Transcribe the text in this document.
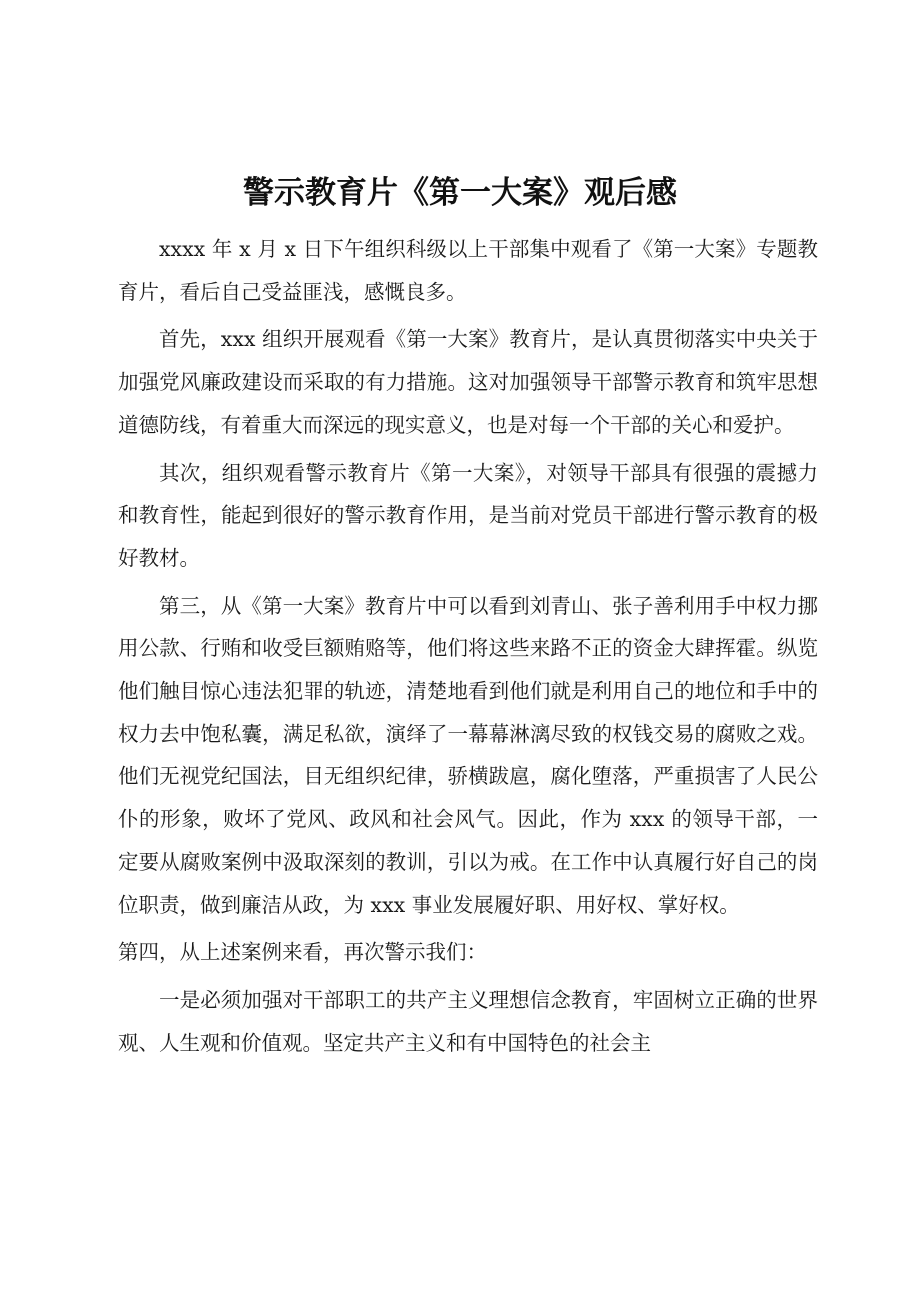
警示教育片《第一大案》观后感

xxxx 年 x 月 x 日下午组织科级以上干部集中观看了《第一大案》专题教育片，看后自己受益匪浅，感慨良多。

首先，xxx 组织开展观看《第一大案》教育片，是认真贯彻落实中央关于加强党风廉政建设而采取的有力措施。这对加强领导干部警示教育和筑牢思想道德防线，有着重大而深远的现实意义，也是对每一个干部的关心和爱护。

其次，组织观看警示教育片《第一大案》，对领导干部具有很强的震撼力和教育性，能起到很好的警示教育作用，是当前对党员干部进行警示教育的极好教材。

第三，从《第一大案》教育片中可以看到刘青山、张子善利用手中权力挪用公款、行贿和收受巨额贿赂等，他们将这些来路不正的资金大肆挥霍。纵览他们触目惊心违法犯罪的轨迹，清楚地看到他们就是利用自己的地位和手中的权力去中饱私囊，满足私欲，演绎了一幕幕淋漓尽致的权钱交易的腐败之戏。他们无视党纪国法，目无组织纪律，骄横跋扈，腐化堕落，严重损害了人民公仆的形象，败坏了党风、政风和社会风气。因此，作为 xxx 的领导干部，一定要从腐败案例中汲取深刻的教训，引以为戒。在工作中认真履行好自己的岗位职责，做到廉洁从政，为 xxx 事业发展履好职、用好权、掌好权。

第四，从上述案例来看，再次警示我们：

一是必须加强对干部职工的共产主义理想信念教育，牢固树立正确的世界观、人生观和价值观。坚定共产主义和有中国特色的社会主
